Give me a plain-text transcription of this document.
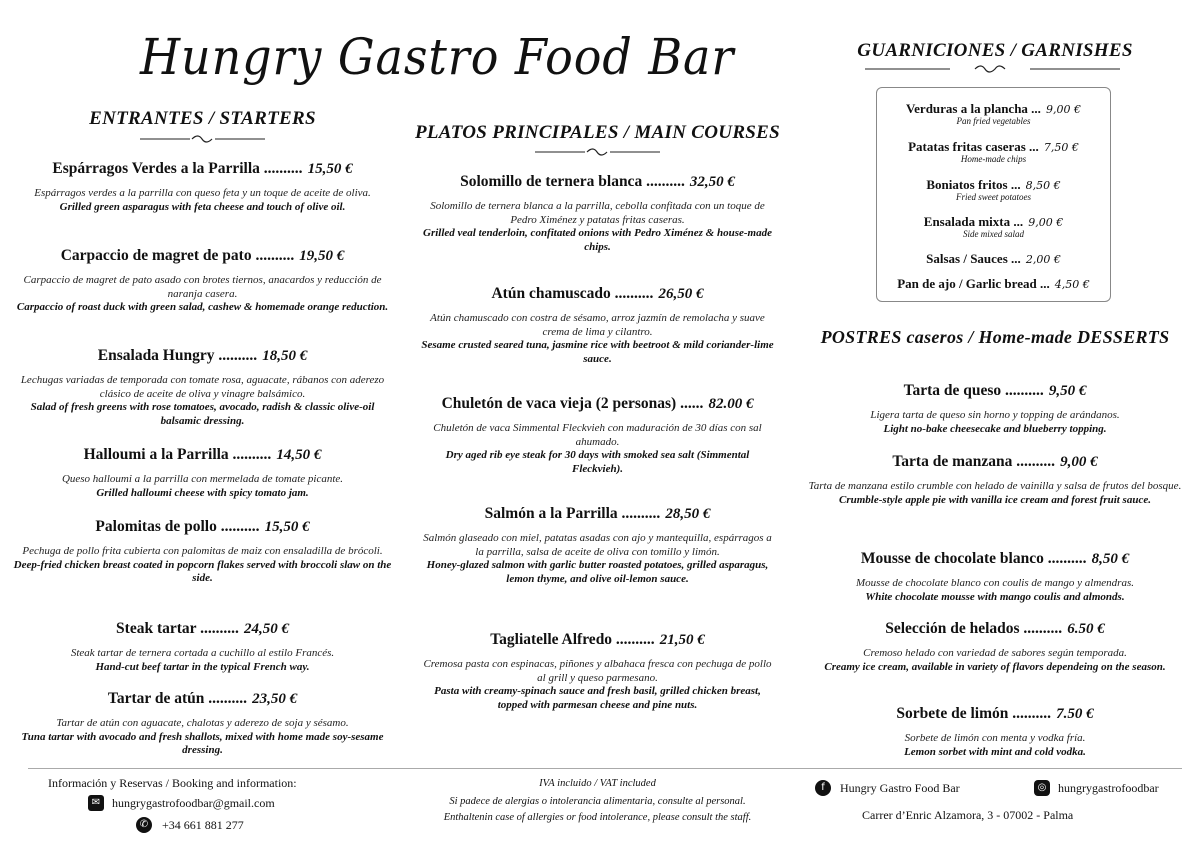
Hungry Gastro Food Bar
ENTRANTES / STARTERS
Espárragos Verdes a la Parrilla .......... 15,50 €
Espárragos verdes a la parrilla con queso feta y un toque de aceite de oliva.
Grilled green asparagus with feta cheese and touch of olive oil.
Carpaccio de magret de pato .......... 19,50 €
Carpaccio de magret de pato asado con brotes tiernos, anacardos y reducción de naranja casera.
Carpaccio of roast duck with green salad, cashew & homemade orange reduction.
Ensalada Hungry .......... 18,50 €
Lechugas variadas de temporada con tomate rosa, aguacate, rábanos con aderezo clásico de aceite de oliva y vinagre balsámico.
Salad of fresh greens with rose tomatoes, avocado, radish & classic olive-oil balsamic dressing.
Halloumi a la Parrilla .......... 14,50 €
Queso halloumi a la parrilla con mermelada de tomate picante.
Grilled halloumi cheese with spicy tomato jam.
Palomitas de pollo .......... 15,50 €
Pechuga de pollo frita cubierta con palomitas de maiz con ensaladilla de brócoli.
Deep-fried chicken breast coated in popcorn flakes served with broccoli slaw on the side.
Steak tartar .......... 24,50 €
Steak tartar de ternera cortada a cuchillo al estilo Francés.
Hand-cut beef tartar in the typical French way.
Tartar de atún .......... 23,50 €
Tartar de atún con aguacate, chalotas y aderezo de soja y sésamo.
Tuna tartar with avocado and fresh shallots, mixed with home made soy-sesame dressing.
PLATOS PRINCIPALES / MAIN COURSES
Solomillo de ternera blanca .......... 32,50 €
Solomillo de ternera blanca a la parrilla, cebolla confitada con un toque de Pedro Ximénez y patatas fritas caseras.
Grilled veal tenderloin, confitated onions with Pedro Ximénez & house-made chips.
Atún chamuscado .......... 26,50 €
Atún chamuscado con costra de sésamo, arroz jazmín de remolacha y suave crema de lima y cilantro.
Sesame crusted seared tuna, jasmine rice with beetroot & mild coriander-lime sauce.
Chuletón de vaca vieja (2 personas) ...... 82.00 €
Chuletón de vaca Simmental Fleckvieh con maduración de 30 días con sal ahumado.
Dry aged rib eye steak for 30 days with smoked sea salt (Simmental Fleckvieh).
Salmón a la Parrilla .......... 28,50 €
Salmón glaseado con miel, patatas asadas con ajo y mantequilla, espárragos a la parrilla, salsa de aceite de oliva con tomillo y limón.
Honey-glazed salmon with garlic butter roasted potatoes, grilled asparagus, lemon thyme, and olive oil-lemon sauce.
Tagliatelle Alfredo .......... 21,50 €
Cremosa pasta con espinacas, piñones y albahaca fresca con pechuga de pollo al grill y queso parmesano.
Pasta with creamy-spinach sauce and fresh basil, grilled chicken breast, topped with parmesan cheese and pine nuts.
GUARNICIONES / GARNISHES
POSTRES caseros / Home-made DESSERTS
Tarta de queso .......... 9,50 €
Ligera tarta de queso sin horno y topping de arándanos.
Light no-bake cheesecake and blueberry topping.
Tarta de manzana .......... 9,00 €
Tarta de manzana estilo crumble con helado de vainilla y salsa de frutos del bosque.
Crumble-style apple pie with vanilla ice cream and forest fruit sauce.
Mousse de chocolate blanco .......... 8,50 €
Mousse de chocolate blanco con coulis de mango y almendras.
White chocolate mousse with mango coulis and almonds.
Selección de helados .......... 6.50 €
Cremoso helado con variedad de sabores según temporada.
Creamy ice cream, available in variety of flavors dependeing on the season.
Sorbete de limón .......... 7.50 €
Sorbete de limón con menta y vodka fría.
Lemon sorbet with mint and cold vodka.
Verduras a la plancha ... 9,00 €
Pan fried vegetables
Patatas fritas caseras ... 7,50 €
Home-made chips
Boniatos fritos ... 8,50 €
Fried sweet potatoes
Ensalada mixta ... 9,00 €
Side mixed salad
Salsas / Sauces ... 2,00 €
Pan de ajo / Garlic bread ... 4,50 €
Información y Reservas / Booking and information:
✉ hungrygastrofoodbar@gmail.com
✆	+34 661 881 277
IVA incluido / VAT included
Si padece de alergias o intolerancia alimentaria, consulte al personal.
Enthaltenin case of allergies or food intolerance, please consult the staff.
f	Hungry Gastro Food Bar	◎ hungrygastrofoodbar
Carrer d’Enric Alzamora, 3 - 07002 - Palma
